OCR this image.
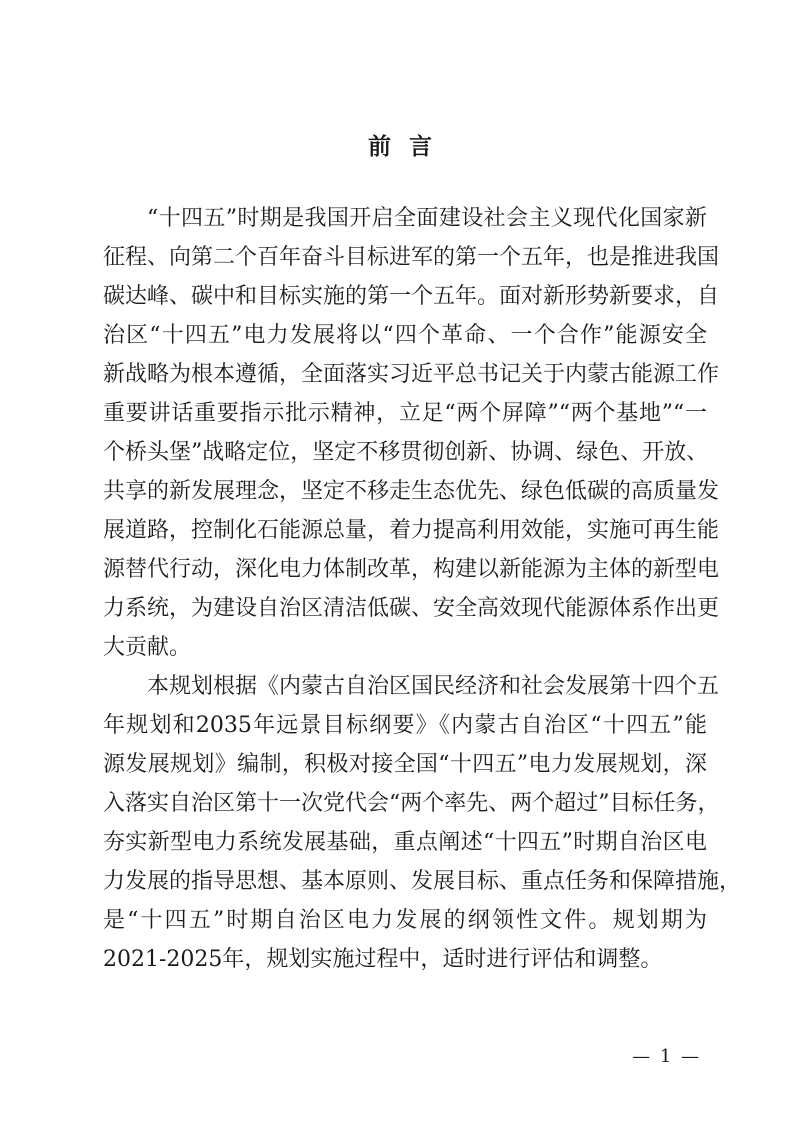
前言
“十四五”时期是我国开启全面建设社会主义现代化国家新
征程、向第二个百年奋斗目标进军的第一个五年，也是推进我国
碳达峰、碳中和目标实施的第一个五年。面对新形势新要求，自
治区“十四五”电力发展将以“四个革命、一个合作”能源安全
新战略为根本遵循，全面落实习近平总书记关于内蒙古能源工作
重要讲话重要指示批示精神，立足“两个屏障”“两个基地”“一
个桥头堡”战略定位，坚定不移贯彻创新、协调、绿色、开放、
共享的新发展理念，坚定不移走生态优先、绿色低碳的高质量发
展道路，控制化石能源总量，着力提高利用效能，实施可再生能
源替代行动，深化电力体制改革，构建以新能源为主体的新型电
力系统，为建设自治区清洁低碳、安全高效现代能源体系作出更
大贡献。
本规划根据《内蒙古自治区国民经济和社会发展第十四个五
年规划和2035年远景目标纲要》《内蒙古自治区“十四五”能
源发展规划》编制，积极对接全国“十四五”电力发展规划，深
入落实自治区第十一次党代会“两个率先、两个超过”目标任务，
夯实新型电力系统发展基础，重点阐述“十四五”时期自治区电
力发展的指导思想、基本原则、发展目标、重点任务和保障措施，
是“十四五”时期自治区电力发展的纲领性文件。规划期为
2021-2025年，规划实施过程中，适时进行评估和调整。
— 1 —
